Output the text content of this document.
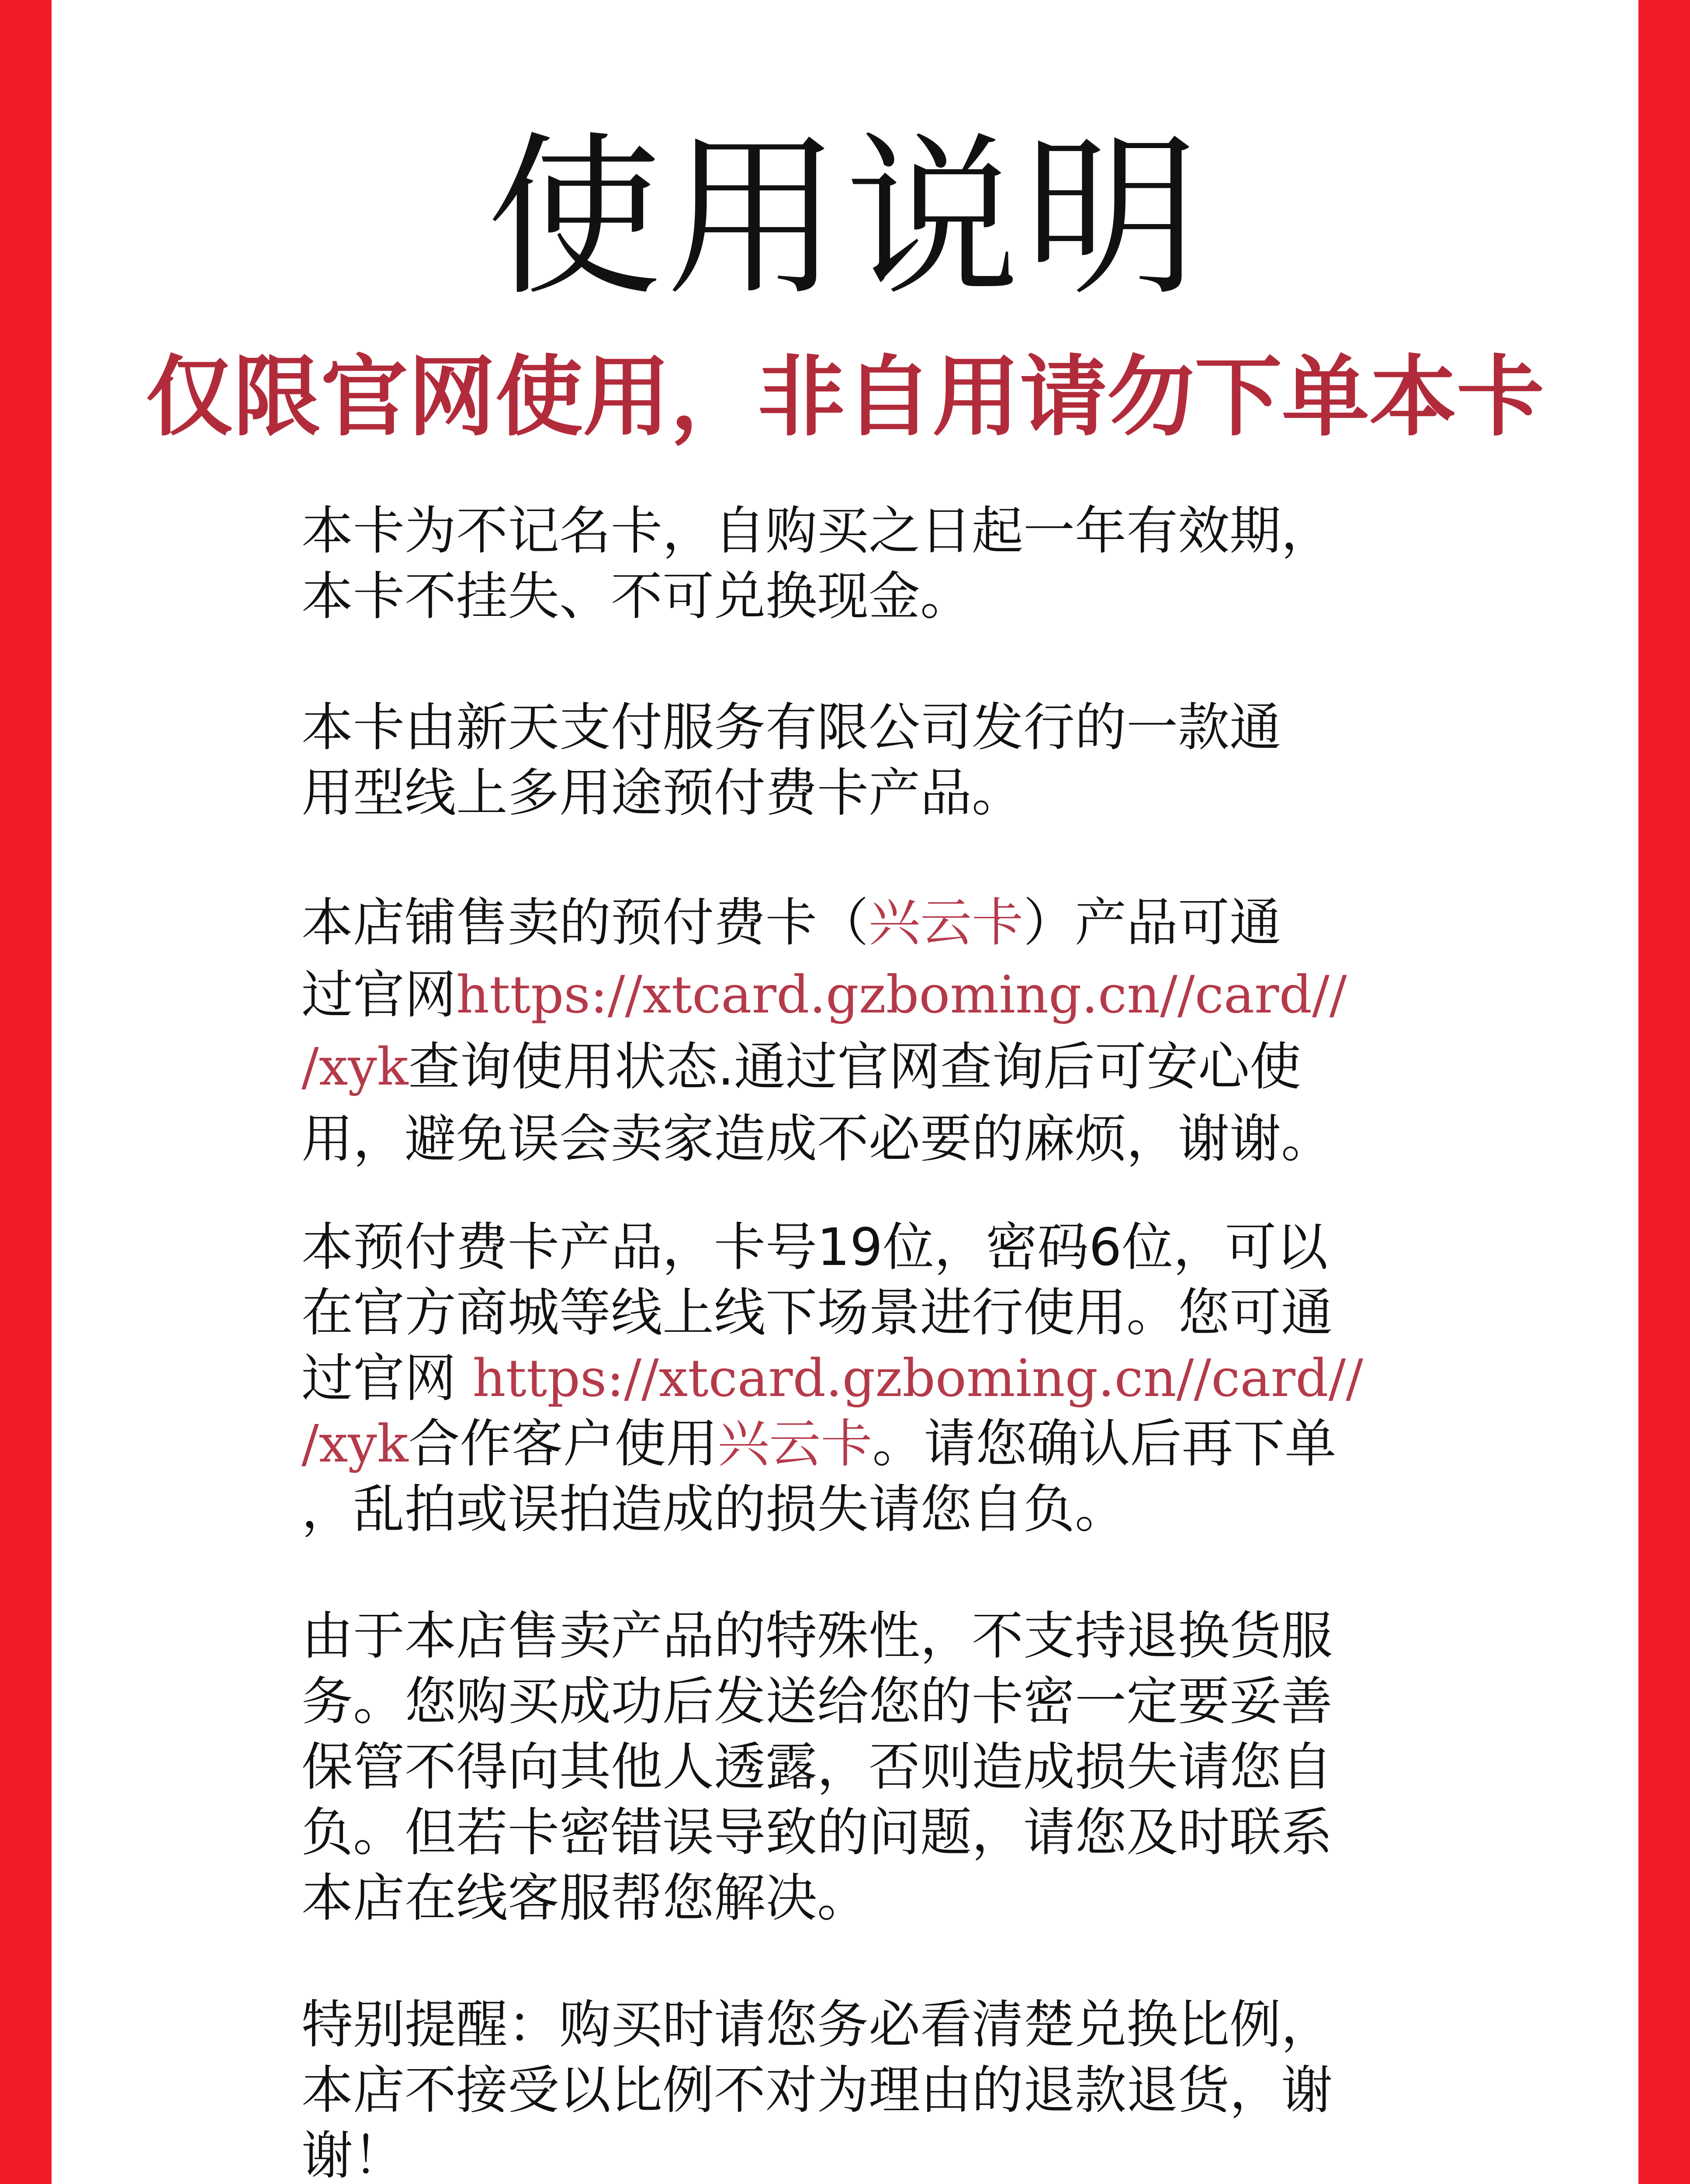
使用说明
仅限官网使用，非自用请勿下单本卡
本卡为不记名卡，自购买之日起一年有效期，
本卡不挂失、不可兑换现金。
本卡由新天支付服务有限公司发行的一款通
用型线上多用途预付费卡产品。
本店铺售卖的预付费卡（兴云卡）产品可通
过官网https://xtcard.gzboming.cn//card//
/xyk查询使用状态.通过官网查询后可安心使
用，避免误会卖家造成不必要的麻烦，谢谢。
本预付费卡产品，卡号19位，密码6位，可以
在官方商城等线上线下场景进行使用。您可通
过官网 https://xtcard.gzboming.cn//card//
/xyk合作客户使用兴云卡。请您确认后再下单
，乱拍或误拍造成的损失请您自负。
由于本店售卖产品的特殊性，不支持退换货服
务。您购买成功后发送给您的卡密一定要妥善
保管不得向其他人透露，否则造成损失请您自
负。但若卡密错误导致的问题，请您及时联系
本店在线客服帮您解决。
特别提醒：购买时请您务必看清楚兑换比例，
本店不接受以比例不对为理由的退款退货，谢
谢！
